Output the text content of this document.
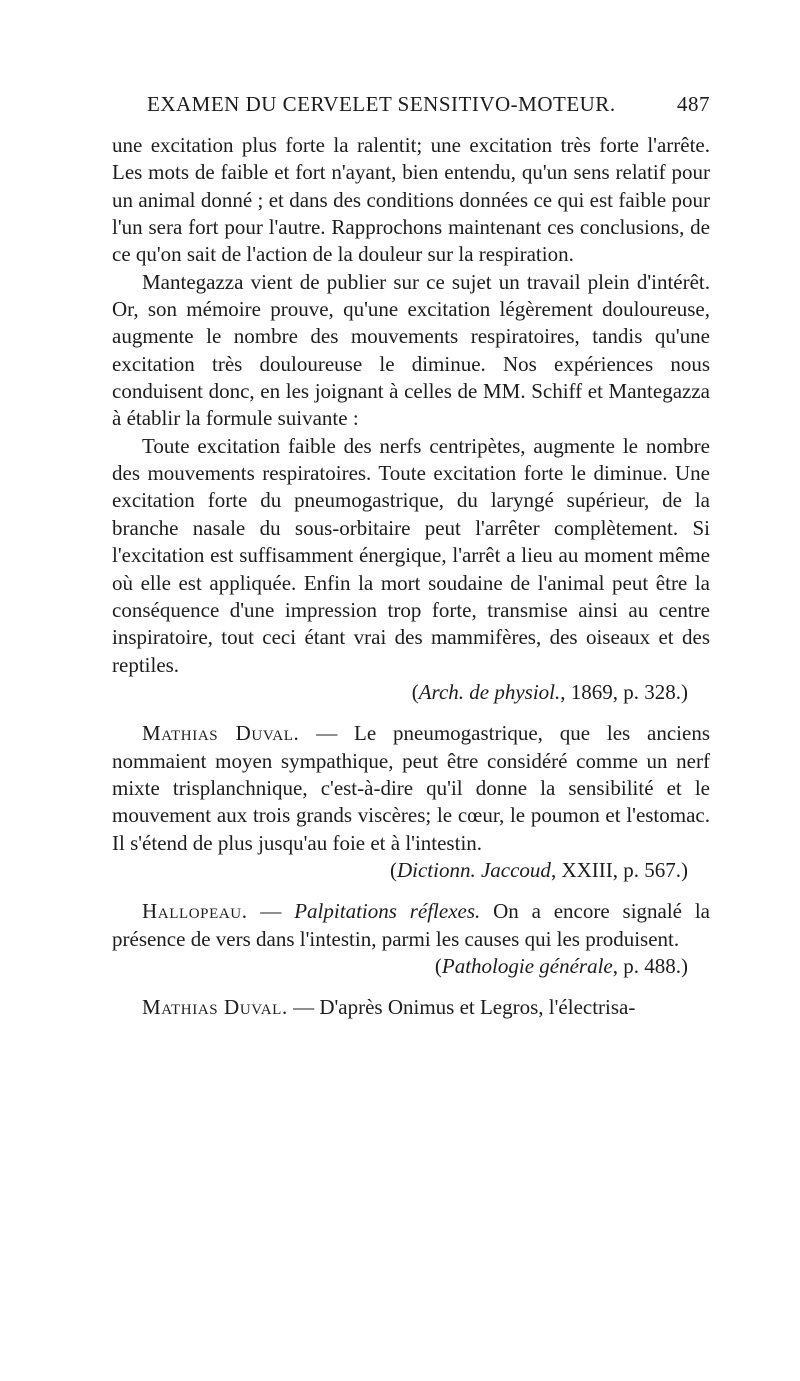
EXAMEN DU CERVELET SENSITIVO-MOTEUR.	487

une excitation plus forte la ralentit; une excitation très forte l'arrête. Les mots de faible et fort n'ayant, bien entendu, qu'un sens relatif pour un animal donné ; et dans des conditions données ce qui est faible pour l'un sera fort pour l'autre. Rapprochons maintenant ces conclusions, de ce qu'on sait de l'action de la douleur sur la respiration.

Mantegazza vient de publier sur ce sujet un travail plein d'intérêt. Or, son mémoire prouve, qu'une excitation légèrement douloureuse, augmente le nombre des mouvements respiratoires, tandis qu'une excitation très douloureuse le diminue. Nos expériences nous conduisent donc, en les joignant à celles de MM. Schiff et Mantegazza à établir la formule suivante :

Toute excitation faible des nerfs centripètes, augmente le nombre des mouvements respiratoires. Toute excitation forte le diminue. Une excitation forte du pneumogastrique, du laryngé supérieur, de la branche nasale du sous-orbitaire peut l'arrêter complètement. Si l'excitation est suffisamment énergique, l'arrêt a lieu au moment même où elle est appliquée. Enfin la mort soudaine de l'animal peut être la conséquence d'une impression trop forte, transmise ainsi au centre inspiratoire, tout ceci étant vrai des mammifères, des oiseaux et des reptiles.

(Arch. de physiol., 1869, p. 328.)

Mathias Duval. — Le pneumogastrique, que les anciens nommaient moyen sympathique, peut être considéré comme un nerf mixte trisplanchnique, c'est-à-dire qu'il donne la sensibilité et le mouvement aux trois grands viscères; le cœur, le poumon et l'estomac. Il s'étend de plus jusqu'au foie et à l'intestin.

(Dictionn. Jaccoud, XXIII, p. 567.)

Hallopeau. — Palpitations réflexes. On a encore signalé la présence de vers dans l'intestin, parmi les causes qui les produisent.

(Pathologie générale, p. 488.)

Mathias Duval. — D'après Onimus et Legros, l'électrisa-
